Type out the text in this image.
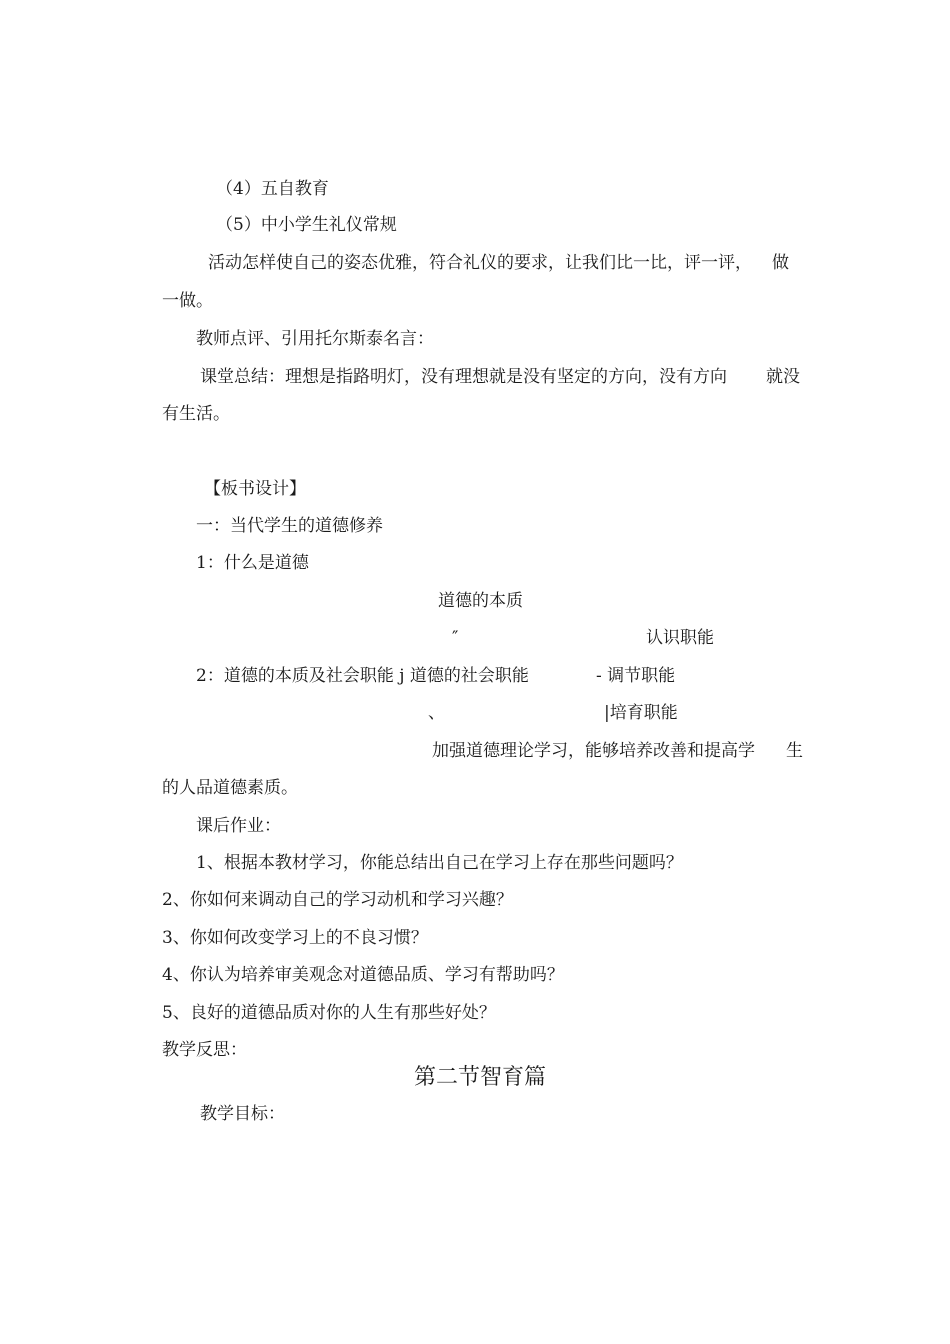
（4）五自教育
（5）中小学生礼仪常规
活动怎样使自己的姿态优雅，符合礼仪的要求，让我们比一比，评一评， 做
一做。
教师点评、引用托尔斯泰名言：
课堂总结：理想是指路明灯，没有理想就是没有坚定的方向，没有方向 就没
有生活。
【板书设计】
一：当代学生的道德修养
1：什么是道德
道德的本质
″	认识职能
2：道德的本质及社会职能 j 道德的社会职能	- 调节职能
、	|培育职能
加强道德理论学习，能够培养改善和提高学 生
的人品道德素质。
课后作业：
1、根据本教材学习，你能总结出自己在学习上存在那些问题吗？
2、你如何来调动自己的学习动机和学习兴趣？
3、你如何改变学习上的不良习惯？
4、你认为培养审美观念对道德品质、学习有帮助吗？
5、良好的道德品质对你的人生有那些好处？
教学反思：
第二节智育篇
教学目标：
